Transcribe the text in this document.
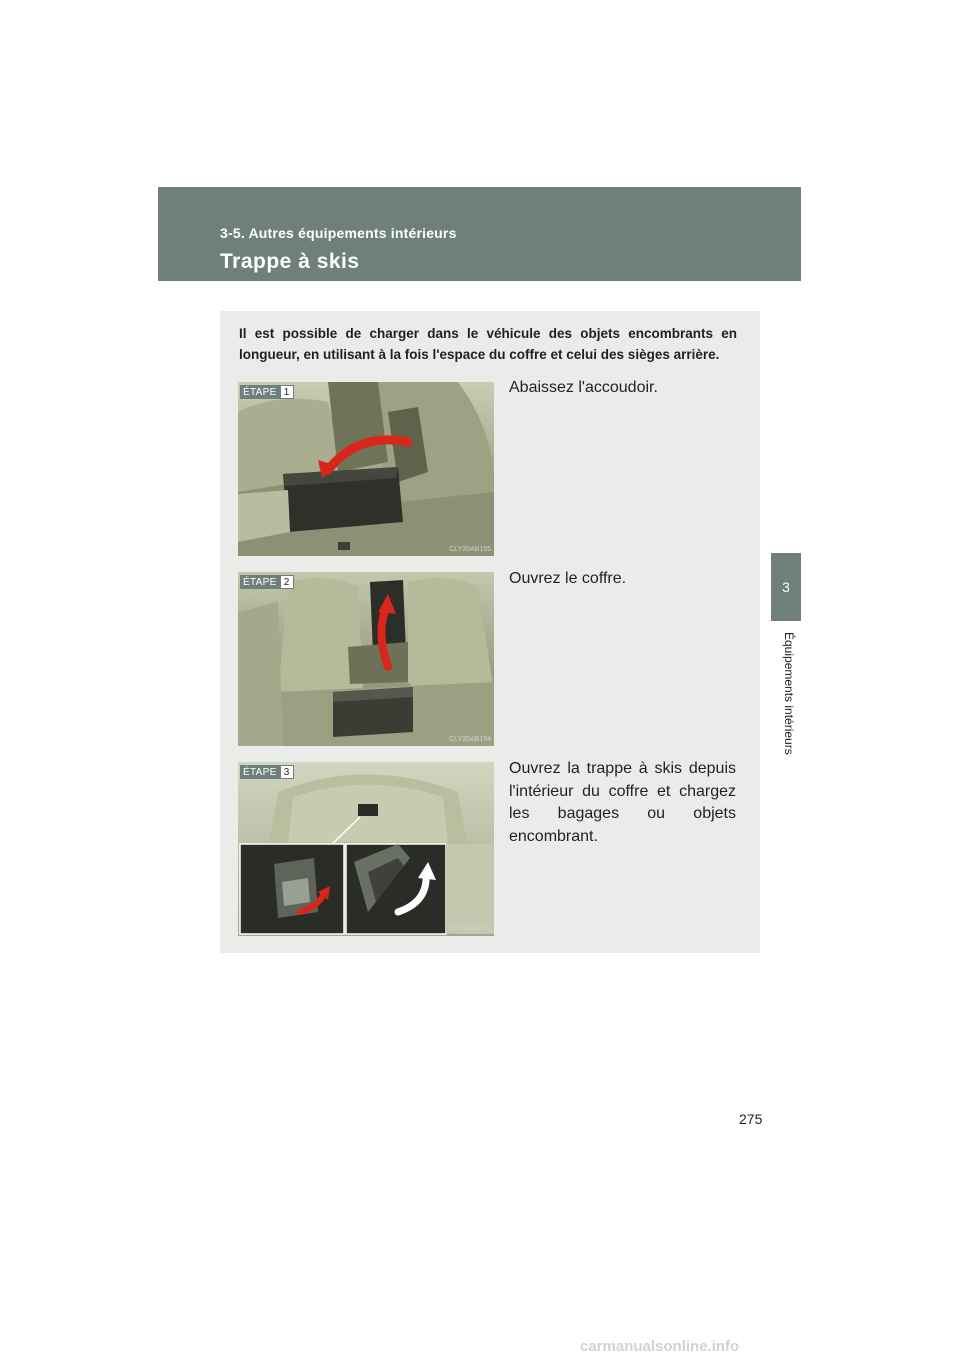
3-5. Autres équipements intérieurs
Trappe à skis
3
Équipements intérieurs
Il est possible de charger dans le véhicule des objets encombrants en
longueur, en utilisant à la fois l'espace du coffre et celui des sièges arrière.
ÉTAPE 1
CLY35AB155
Abaissez l'accoudoir.
ÉTAPE 2
CLY35AB154
Ouvrez le coffre.
ÉTAPE 3
CLY35AB075
Ouvrez la trappe à skis depuis
l'intérieur du coffre et chargez
les bagages ou objets
encombrant.
275
carmanualsonline.info
